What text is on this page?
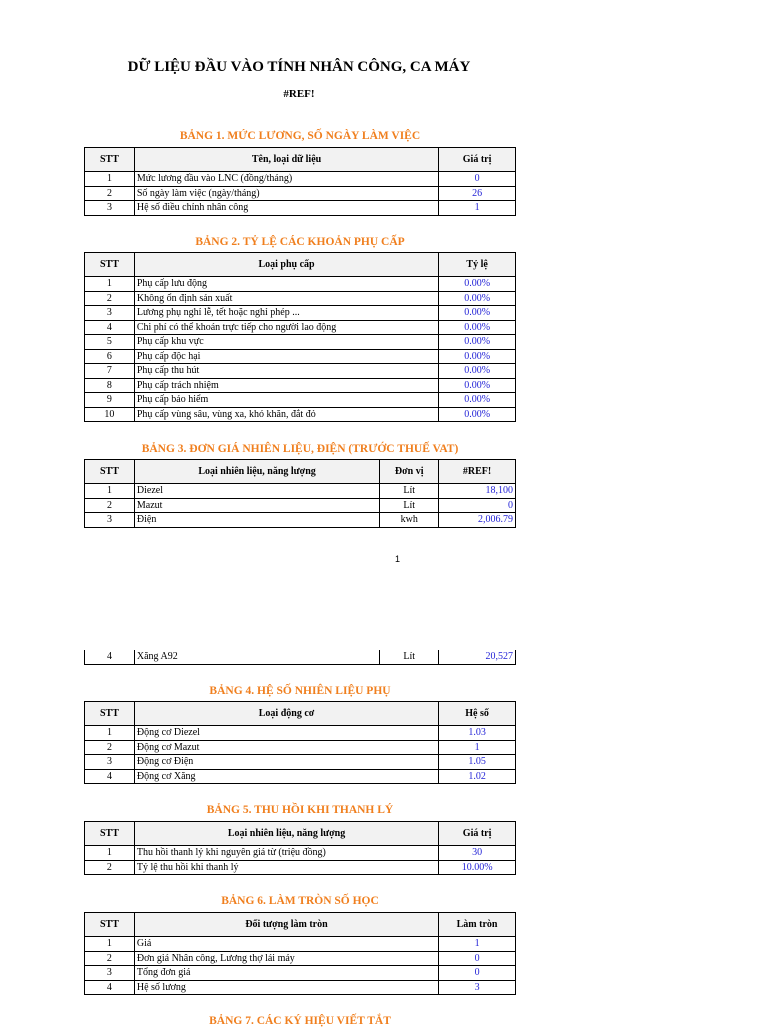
DỮ LIỆU ĐẦU VÀO TÍNH NHÂN CÔNG, CA MÁY
#REF!
BẢNG 1. MỨC LƯƠNG, SỐ NGÀY LÀM VIỆC
STT	Tên, loại dữ liệu	Giá trị
1	Mức lương đầu vào LNC (đồng/tháng)	0
2	Số ngày làm việc (ngày/tháng)	26
3	Hệ số điều chỉnh nhân công	1
BẢNG 2. TỶ LỆ CÁC KHOẢN PHỤ CẤP
STT	Loại phụ cấp	Tỷ lệ
1	Phụ cấp lưu động	0.00%
2	Không ổn định sản xuất	0.00%
3	Lương phụ nghỉ lễ, tết hoặc nghỉ phép ...	0.00%
4	Chi phí có thể khoán trực tiếp cho người lao động	0.00%
5	Phụ cấp khu vực	0.00%
6	Phụ cấp độc hại	0.00%
7	Phụ cấp thu hút	0.00%
8	Phụ cấp trách nhiệm	0.00%
9	Phụ cấp bảo hiểm	0.00%
10	Phụ cấp vùng sâu, vùng xa, khó khăn, đắt đỏ	0.00%
BẢNG 3. ĐƠN GIÁ NHIÊN LIỆU, ĐIỆN (TRƯỚC THUẾ VAT)
STT	Loại nhiên liệu, năng lượng	Đơn vị	#REF!
1	Diezel	Lít	18,100
2	Mazut	Lít	0
3	Điện	kwh	2,006.79
1
4	Xăng A92	Lít	20,527
BẢNG 4. HỆ SỐ NHIÊN LIỆU PHỤ
STT	Loại động cơ	Hệ số
1	Động cơ Diezel	1.03
2	Động cơ Mazut	1
3	Động cơ Điện	1.05
4	Động cơ Xăng	1.02
BẢNG 5. THU HỒI KHI THANH LÝ
STT	Loại nhiên liệu, năng lượng	Giá trị
1	Thu hồi thanh lý khi nguyên giá từ (triệu đồng)	30
2	Tỷ lệ thu hồi khi thanh lý	10.00%
BẢNG 6. LÀM TRÒN SỐ HỌC
STT	Đối tượng làm tròn	Làm tròn
1	Giá	1
2	Đơn giá Nhân công, Lương thợ lái máy	0
3	Tổng đơn giá	0
4	Hệ số lương	3
BẢNG 7. CÁC KÝ HIỆU VIẾT TẮT
